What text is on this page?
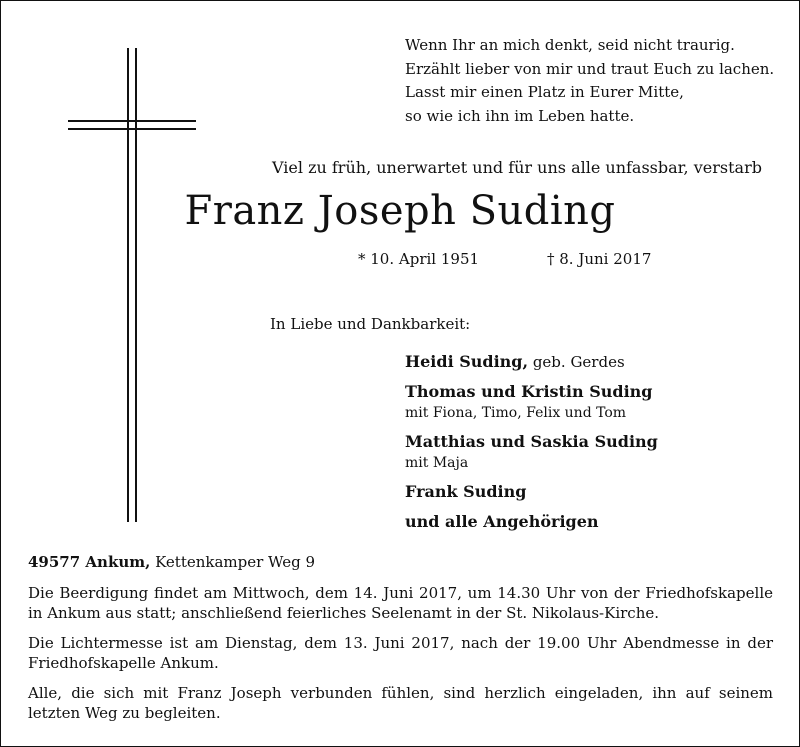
Wenn Ihr an mich denkt, seid nicht traurig.
Erzählt lieber von mir und traut Euch zu lachen.
Lasst mir einen Platz in Eurer Mitte,
so wie ich ihn im Leben hatte.
Viel zu früh, unerwartet und für uns alle unfassbar, verstarb
Franz Joseph Suding
* 10. April 1951	† 8. Juni 2017
In Liebe und Dankbarkeit:
Heidi Suding, geb. Gerdes
Thomas und Kristin Suding
mit Fiona, Timo, Felix und Tom
Matthias und Saskia Suding
mit Maja
Frank Suding
und alle Angehörigen
49577 Ankum, Kettenkamper Weg 9
Die Beerdigung findet am Mittwoch, dem 14. Juni 2017, um 14.30 Uhr von der Friedhofskapelle in Ankum aus statt; anschließend feierliches Seelenamt in der St. Nikolaus-Kirche.
Die Lichtermesse ist am Dienstag, dem 13. Juni 2017, nach der 19.00 Uhr Abendmesse in der Friedhofskapelle Ankum.
Alle, die sich mit Franz Joseph verbunden fühlen, sind herzlich eingeladen, ihn auf seinem letzten Weg zu begleiten.
